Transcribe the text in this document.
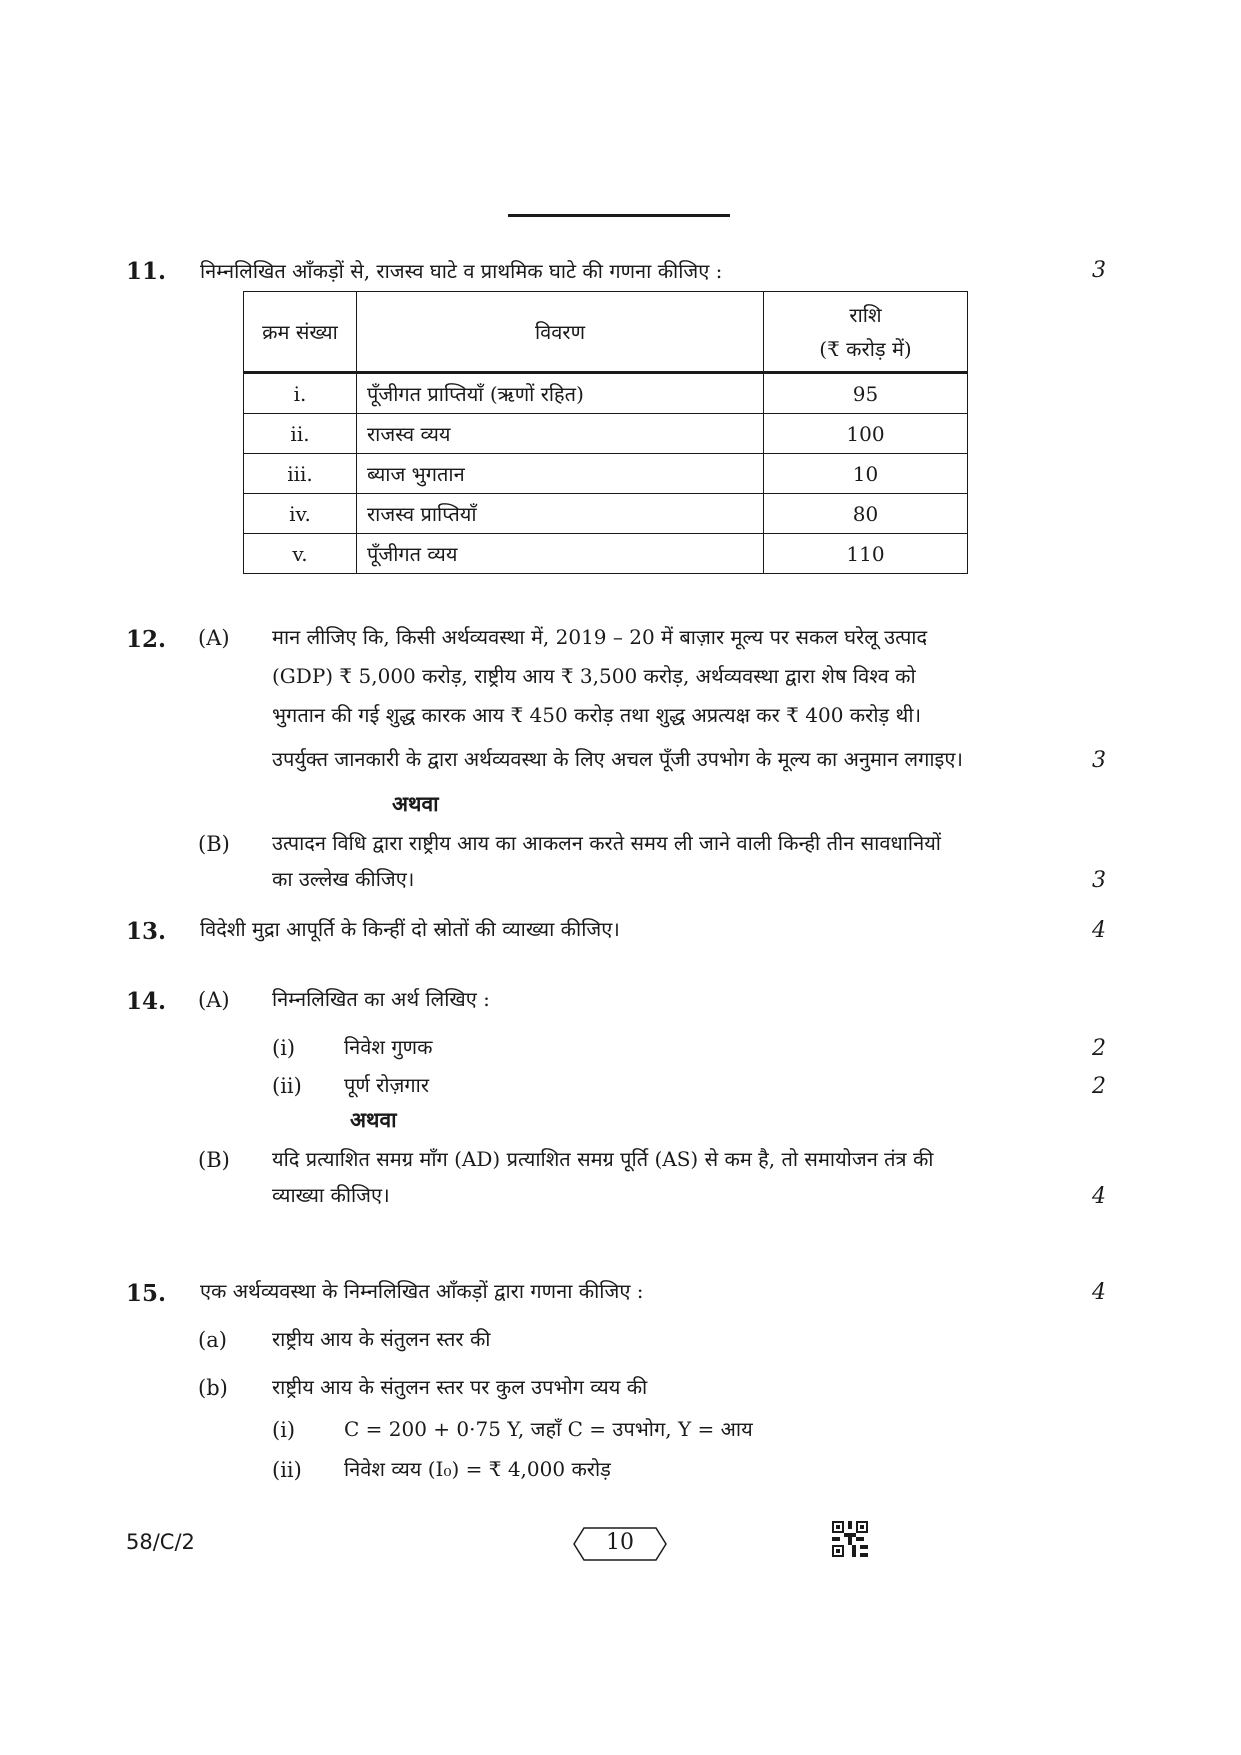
11. निम्नलिखित आँकड़ों से, राजस्व घाटे व प्राथमिक घाटे की गणना कीजिए :	3
क्रम संख्या	विवरण	राशि
(₹ करोड़ में)

i.	पूँजीगत प्राप्तियाँ (ऋणों रहित)	95
ii.	राजस्व व्यय	100
iii.	ब्याज भुगतान	10
iv.	राजस्व प्राप्तियाँ	80
v.	पूँजीगत व्यय	110
12. (A) मान लीजिए कि, किसी अर्थव्यवस्था में, 2019 – 20 में बाज़ार मूल्य पर सकल घरेलू उत्पाद
(GDP) ₹ 5,000 करोड़, राष्ट्रीय आय ₹ 3,500 करोड़, अर्थव्यवस्था द्वारा शेष विश्व को
भुगतान की गई शुद्ध कारक आय ₹ 450 करोड़ तथा शुद्ध अप्रत्यक्ष कर ₹ 400 करोड़ थी।
उपर्युक्त जानकारी के द्वारा अर्थव्यवस्था के लिए अचल पूँजी उपभोग के मूल्य का अनुमान लगाइए।	3
अथवा
(B) उत्पादन विधि द्वारा राष्ट्रीय आय का आकलन करते समय ली जाने वाली किन्ही तीन सावधानियों
का उल्लेख कीजिए।	3
13. विदेशी मुद्रा आपूर्ति के किन्हीं दो स्रोतों की व्याख्या कीजिए।	4
14. (A) निम्नलिखित का अर्थ लिखिए :
(i) निवेश गुणक	2
(ii) पूर्ण रोज़गार	2
अथवा
(B) यदि प्रत्याशित समग्र माँग (AD) प्रत्याशित समग्र पूर्ति (AS) से कम है, तो समायोजन तंत्र की
व्याख्या कीजिए।	4
15. एक अर्थव्यवस्था के निम्नलिखित आँकड़ों द्वारा गणना कीजिए :	4
(a) राष्ट्रीय आय के संतुलन स्तर की
(b) राष्ट्रीय आय के संतुलन स्तर पर कुल उपभोग व्यय की
(i) C = 200 + 0·75 Y, जहाँ C = उपभोग, Y = आय
(ii) निवेश व्यय (I₀) = ₹ 4,000 करोड़
58/C/2	10
